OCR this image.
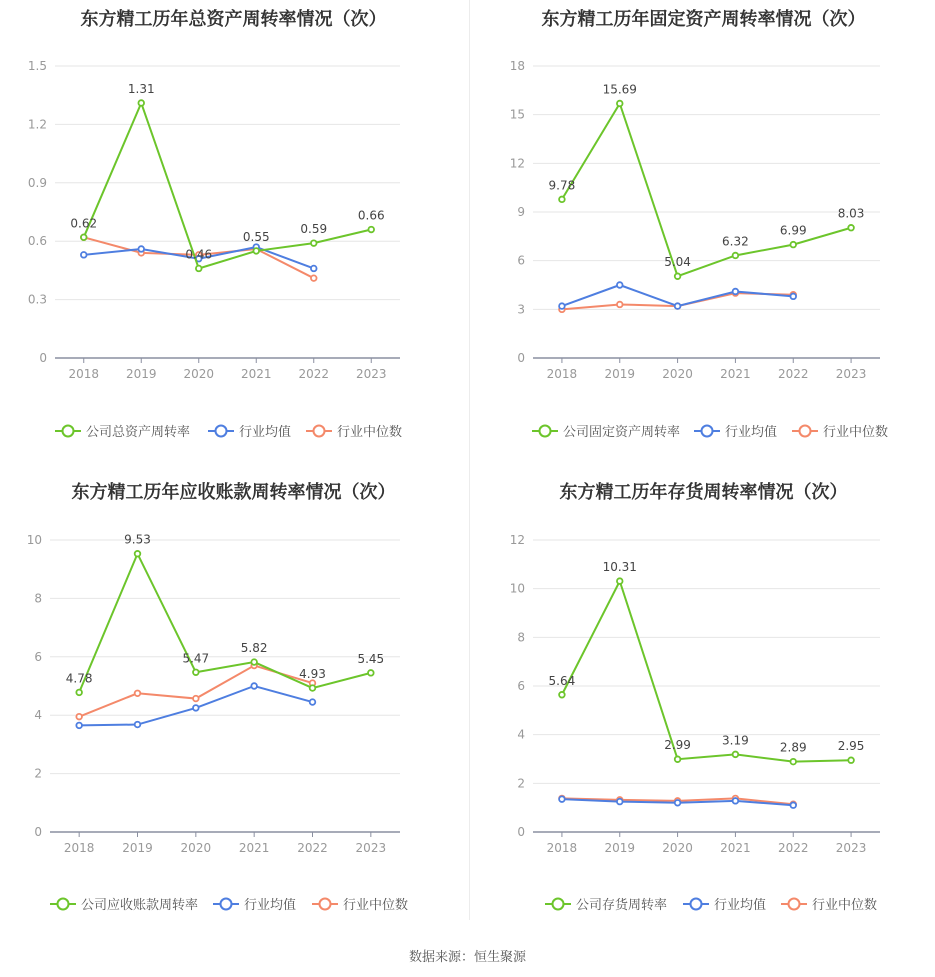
东方精工历年总资产周转率情况（次）
0
0.3
0.6
0.9
1.2
1.5
2018 2019 2020 2021 2022 2023
0.62
1.31
0.46
0.55
0.59
0.66
公司总资产周转率	行业均值	行业中位数
东方精工历年固定资产周转率情况（次）
0
3
6
9
12
15
18
2018 2019 2020 2021 2022 2023
9.78
15.69
5.04
6.32
6.99
8.03
公司固定资产周转率	行业均值	行业中位数
东方精工历年应收账款周转率情况（次）
0
2
4
6
8
10
2018 2019 2020 2021 2022 2023
4.78
9.53
5.47
5.82
4.93
5.45
公司应收账款周转率	行业均值	行业中位数
东方精工历年存货周转率情况（次）
0
2
4
6
8
10
12
2018 2019 2020 2021 2022 2023
5.64
10.31
2.99	3.19
2.89	2.95
公司存货周转率	行业均值	行业中位数
数据来源：恒生聚源
